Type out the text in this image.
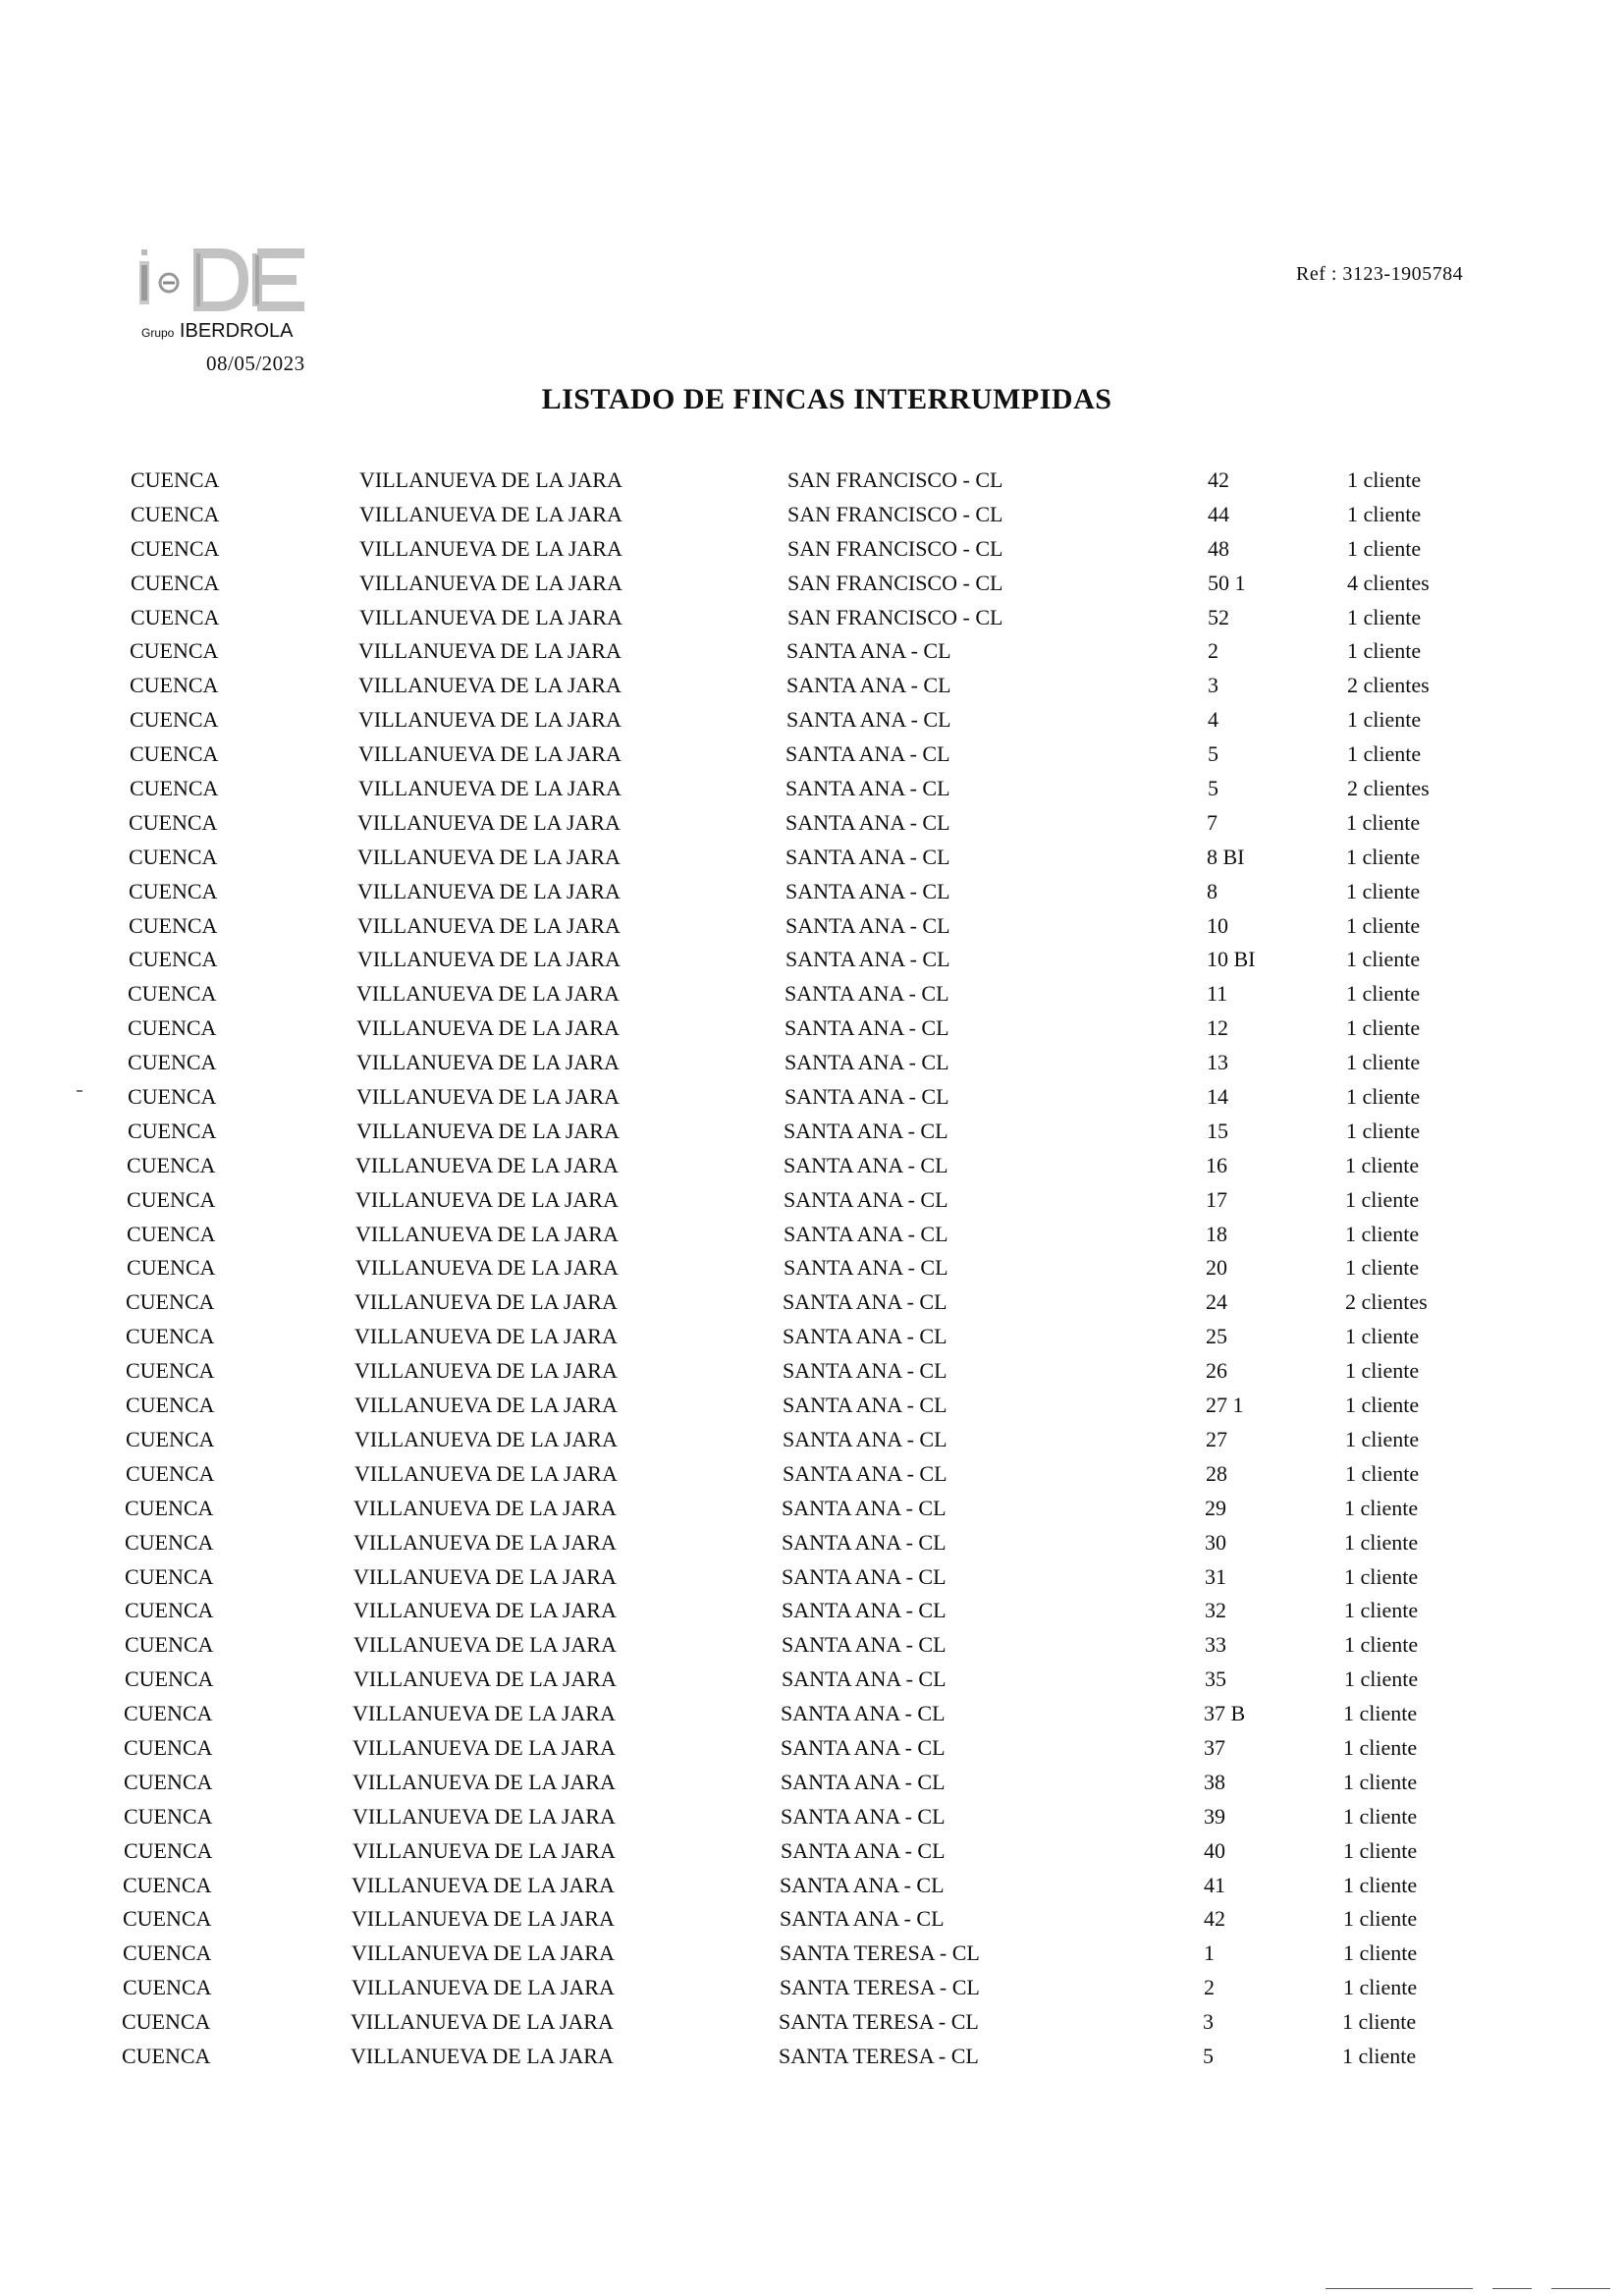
Grupo IBERDROLA
08/05/2023
Ref : 3123-1905784
LISTADO DE FINCAS INTERRUMPIDAS
CUENCA	VILLANUEVA DE LA JARA	SAN FRANCISCO - CL	42	1 cliente
CUENCA	VILLANUEVA DE LA JARA	SAN FRANCISCO - CL	44	1 cliente
CUENCA	VILLANUEVA DE LA JARA	SAN FRANCISCO - CL	48	1 cliente
CUENCA	VILLANUEVA DE LA JARA	SAN FRANCISCO - CL	50 1	4 clientes
CUENCA	VILLANUEVA DE LA JARA	SAN FRANCISCO - CL	52	1 cliente
CUENCA	VILLANUEVA DE LA JARA	SANTA ANA - CL	2	1 cliente
CUENCA	VILLANUEVA DE LA JARA	SANTA ANA - CL	3	2 clientes
CUENCA	VILLANUEVA DE LA JARA	SANTA ANA - CL	4	1 cliente
CUENCA	VILLANUEVA DE LA JARA	SANTA ANA - CL	5	1 cliente
CUENCA	VILLANUEVA DE LA JARA	SANTA ANA - CL	5	2 clientes
CUENCA	VILLANUEVA DE LA JARA	SANTA ANA - CL	7	1 cliente
CUENCA	VILLANUEVA DE LA JARA	SANTA ANA - CL	8 BI	1 cliente
CUENCA	VILLANUEVA DE LA JARA	SANTA ANA - CL	8	1 cliente
CUENCA	VILLANUEVA DE LA JARA	SANTA ANA - CL	10	1 cliente
CUENCA	VILLANUEVA DE LA JARA	SANTA ANA - CL	10 BI	1 cliente
CUENCA	VILLANUEVA DE LA JARA	SANTA ANA - CL	11	1 cliente
CUENCA	VILLANUEVA DE LA JARA	SANTA ANA - CL	12	1 cliente
CUENCA	VILLANUEVA DE LA JARA	SANTA ANA - CL	13	1 cliente
CUENCA	VILLANUEVA DE LA JARA	SANTA ANA - CL	14	1 cliente
CUENCA	VILLANUEVA DE LA JARA	SANTA ANA - CL	15	1 cliente
CUENCA	VILLANUEVA DE LA JARA	SANTA ANA - CL	16	1 cliente
CUENCA	VILLANUEVA DE LA JARA	SANTA ANA - CL	17	1 cliente
CUENCA	VILLANUEVA DE LA JARA	SANTA ANA - CL	18	1 cliente
CUENCA	VILLANUEVA DE LA JARA	SANTA ANA - CL	20	1 cliente
CUENCA	VILLANUEVA DE LA JARA	SANTA ANA - CL	24	2 clientes
CUENCA	VILLANUEVA DE LA JARA	SANTA ANA - CL	25	1 cliente
CUENCA	VILLANUEVA DE LA JARA	SANTA ANA - CL	26	1 cliente
CUENCA	VILLANUEVA DE LA JARA	SANTA ANA - CL	27 1	1 cliente
CUENCA	VILLANUEVA DE LA JARA	SANTA ANA - CL	27	1 cliente
CUENCA	VILLANUEVA DE LA JARA	SANTA ANA - CL	28	1 cliente
CUENCA	VILLANUEVA DE LA JARA	SANTA ANA - CL	29	1 cliente
CUENCA	VILLANUEVA DE LA JARA	SANTA ANA - CL	30	1 cliente
CUENCA	VILLANUEVA DE LA JARA	SANTA ANA - CL	31	1 cliente
CUENCA	VILLANUEVA DE LA JARA	SANTA ANA - CL	32	1 cliente
CUENCA	VILLANUEVA DE LA JARA	SANTA ANA - CL	33	1 cliente
CUENCA	VILLANUEVA DE LA JARA	SANTA ANA - CL	35	1 cliente
CUENCA	VILLANUEVA DE LA JARA	SANTA ANA - CL	37 B	1 cliente
CUENCA	VILLANUEVA DE LA JARA	SANTA ANA - CL	37	1 cliente
CUENCA	VILLANUEVA DE LA JARA	SANTA ANA - CL	38	1 cliente
CUENCA	VILLANUEVA DE LA JARA	SANTA ANA - CL	39	1 cliente
CUENCA	VILLANUEVA DE LA JARA	SANTA ANA - CL	40	1 cliente
CUENCA	VILLANUEVA DE LA JARA	SANTA ANA - CL	41	1 cliente
CUENCA	VILLANUEVA DE LA JARA	SANTA ANA - CL	42	1 cliente
CUENCA	VILLANUEVA DE LA JARA	SANTA TERESA - CL	1	1 cliente
CUENCA	VILLANUEVA DE LA JARA	SANTA TERESA - CL	2	1 cliente
CUENCA	VILLANUEVA DE LA JARA	SANTA TERESA - CL	3	1 cliente
CUENCA	VILLANUEVA DE LA JARA	SANTA TERESA - CL	5	1 cliente
